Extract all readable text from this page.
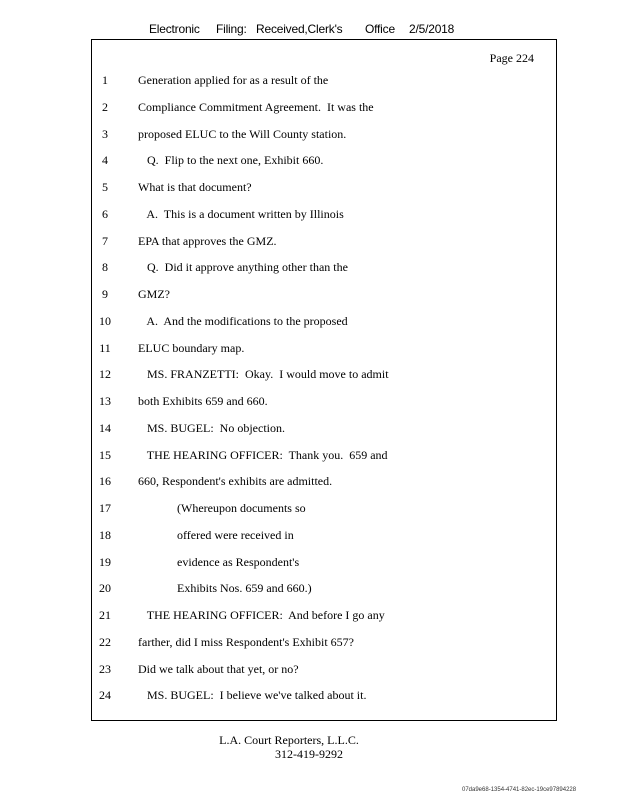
Electronic Filing: Received,Clerk's Office 2/5/2018
Page 224
1	Generation applied for as a result of the
2	Compliance Commitment Agreement.  It was the
3	proposed ELUC to the Will County station.
4	Q.  Flip to the next one, Exhibit 660.
5	What is that document?
6	A.  This is a document written by Illinois
7	EPA that approves the GMZ.
8	Q.  Did it approve anything other than the
9	GMZ?
10	A.  And the modifications to the proposed
11	ELUC boundary map.
12	MS. FRANZETTI:  Okay.  I would move to admit
13	both Exhibits 659 and 660.
14	MS. BUGEL:  No objection.
15	THE HEARING OFFICER:  Thank you.  659 and
16	660, Respondent's exhibits are admitted.
17	(Whereupon documents so
18	offered were received in
19	evidence as Respondent's
20	Exhibits Nos. 659 and 660.)
21	THE HEARING OFFICER:  And before I go any
22	farther, did I miss Respondent's Exhibit 657?
23	Did we talk about that yet, or no?
24	MS. BUGEL:  I believe we've talked about it.
L.A. Court Reporters, L.L.C.
312-419-9292
07da9e68-1354-4741-82ec-19ce97894228
